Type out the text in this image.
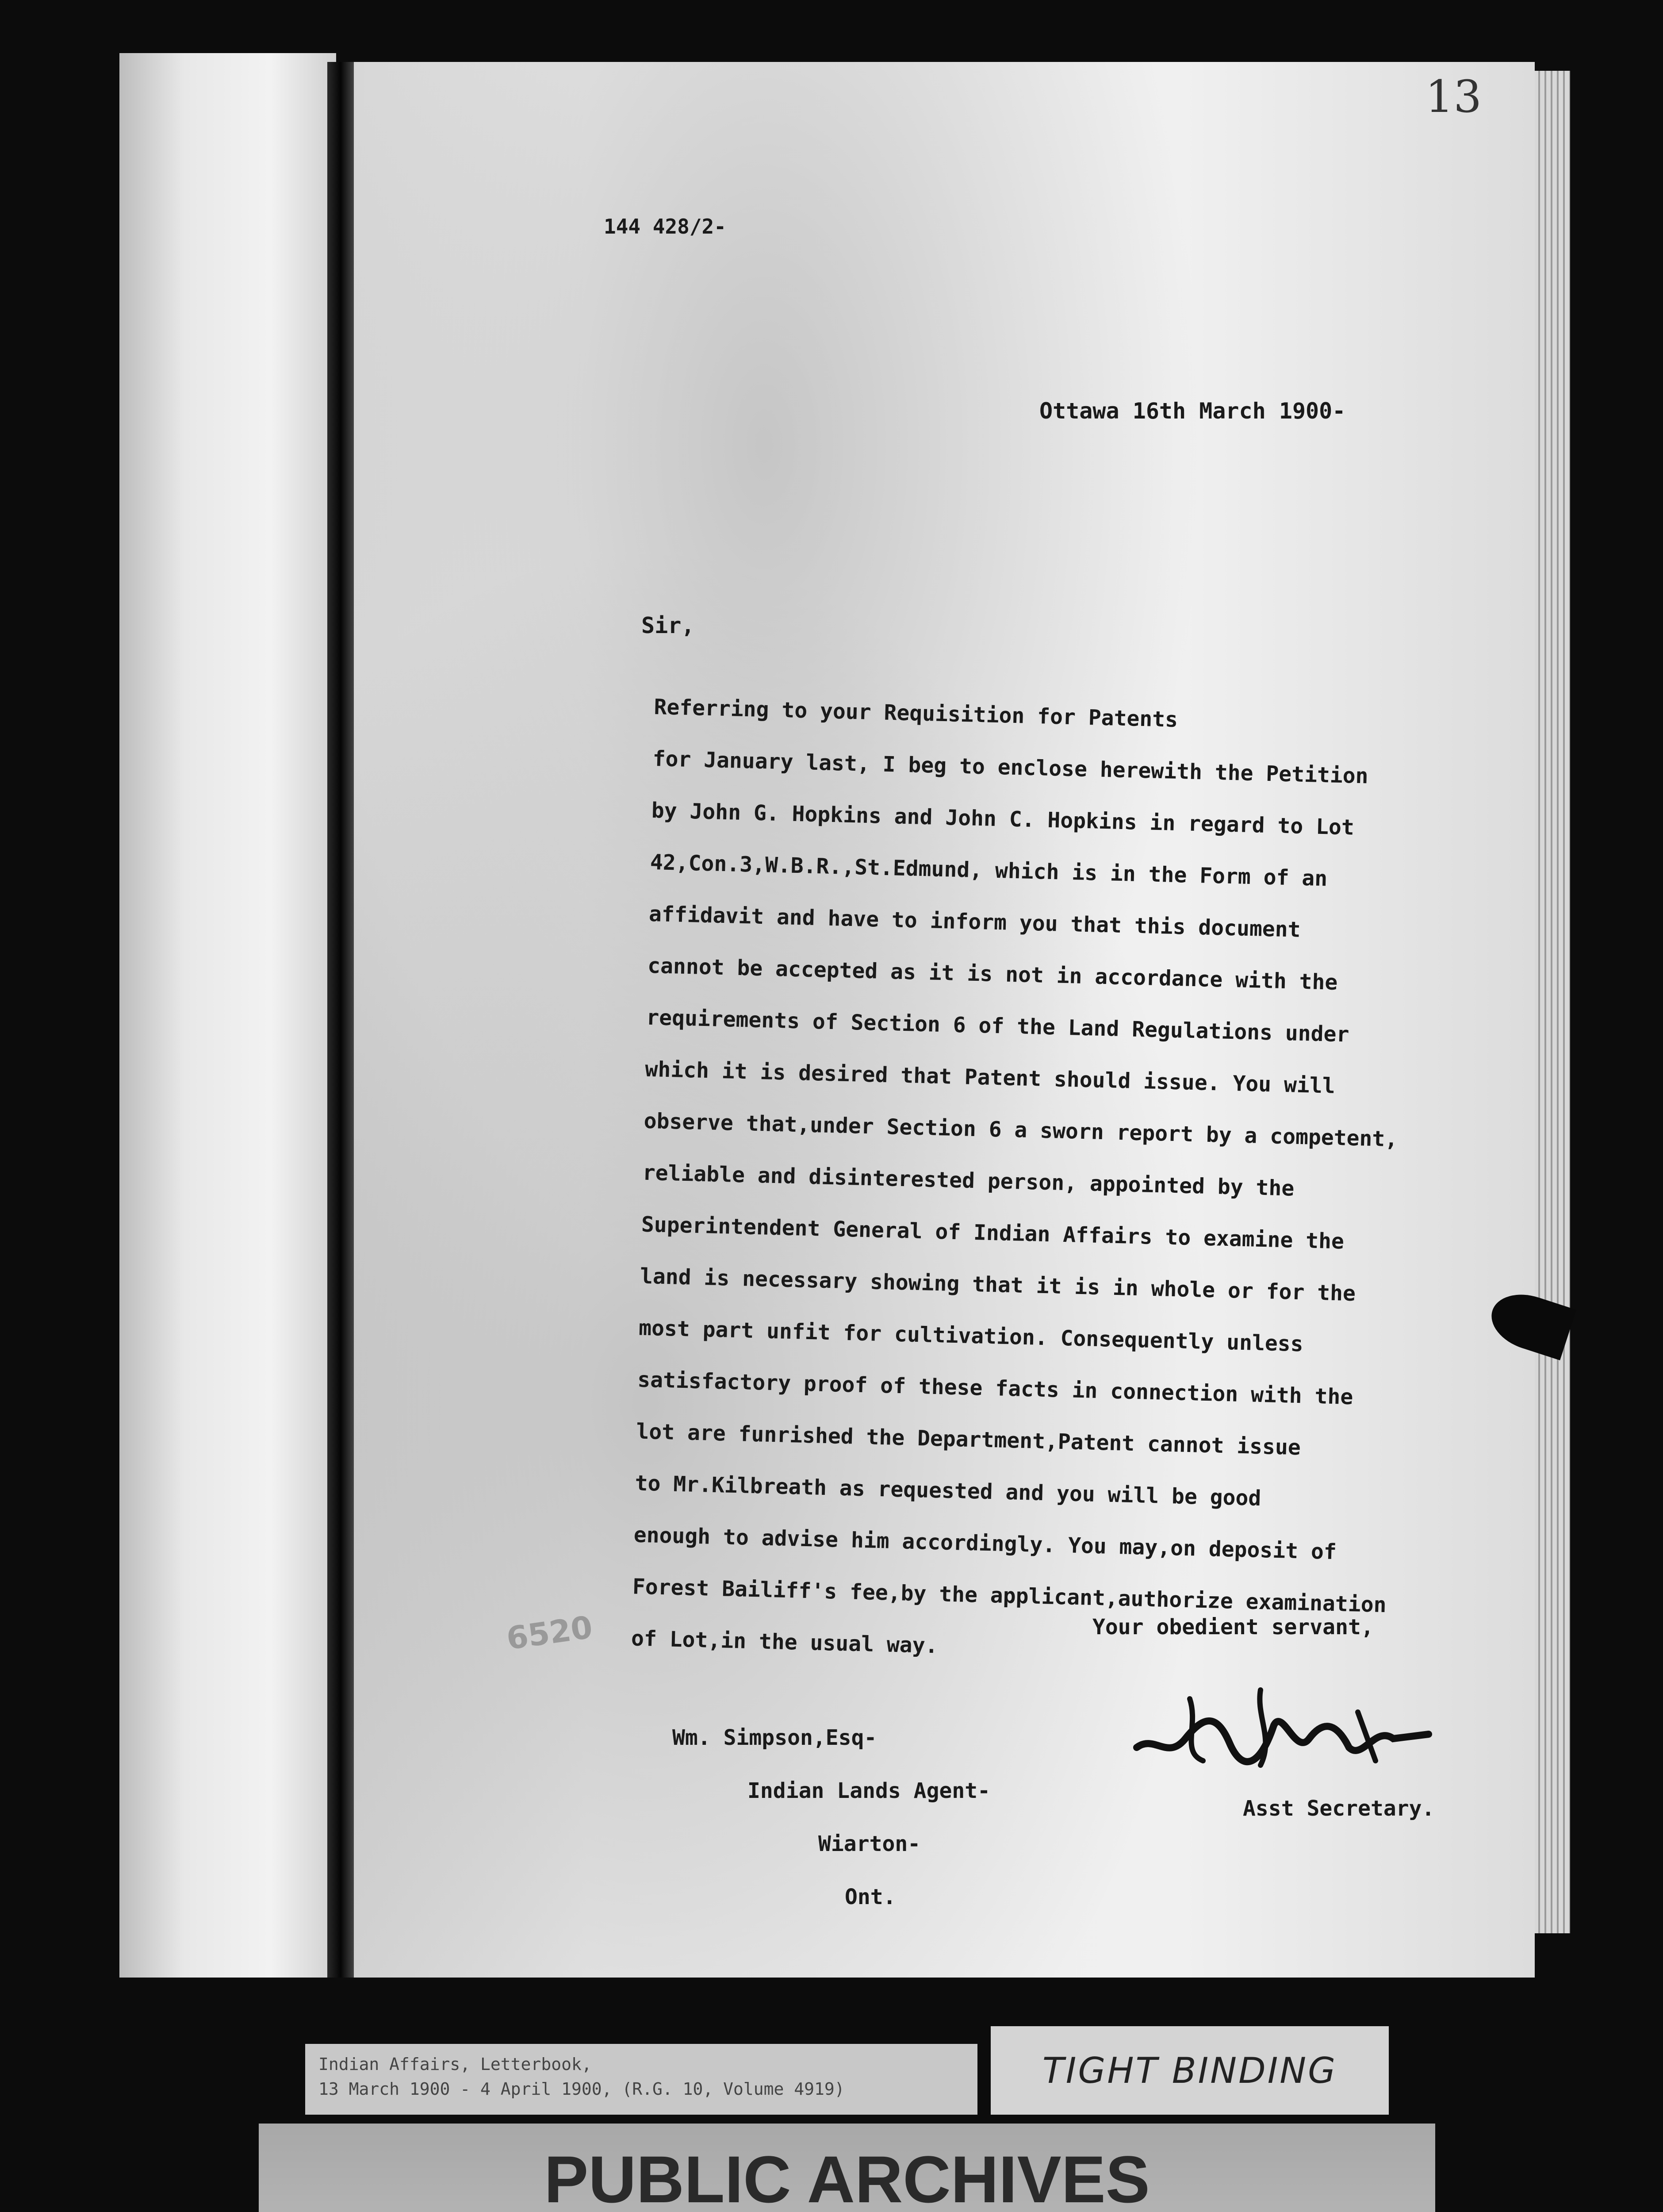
13
144 428/2-
Ottawa 16th March 1900-
Sir,
Referring to your Requisition for Patents
for January last, I beg to enclose herewith the Petition
by John G. Hopkins and John C. Hopkins in regard to Lot
42,Con.3,W.B.R.,St.Edmund, which is in the Form of an
affidavit and have to inform you that this document
cannot be accepted as it is not in accordance with the
requirements of Section 6 of the Land Regulations under
which it is desired that Patent should issue. You will
observe that,under Section 6 a sworn report by a competent,
reliable and disinterested person, appointed by the
Superintendent General of Indian Affairs to examine the
land is necessary showing that it is in whole or for the
most part unfit for cultivation. Consequently unless
satisfactory proof of these facts in connection with the
lot are funrished the Department,Patent cannot issue
to Mr.Kilbreath as requested and you will be good
enough to advise him accordingly. You may,on deposit of
Forest Bailiff's fee,by the applicant,authorize examination
of Lot,in the usual way.
6520	Your obedient servant,
Asst Secretary.
Wm. Simpson,Esq-
Indian Lands Agent-
Wiarton-
Ont.
Indian Affairs, Letterbook,
13 March 1900 - 4 April 1900, (R.G. 10, Volume 4919)	TIGHT BINDING
PUBLIC ARCHIVES
